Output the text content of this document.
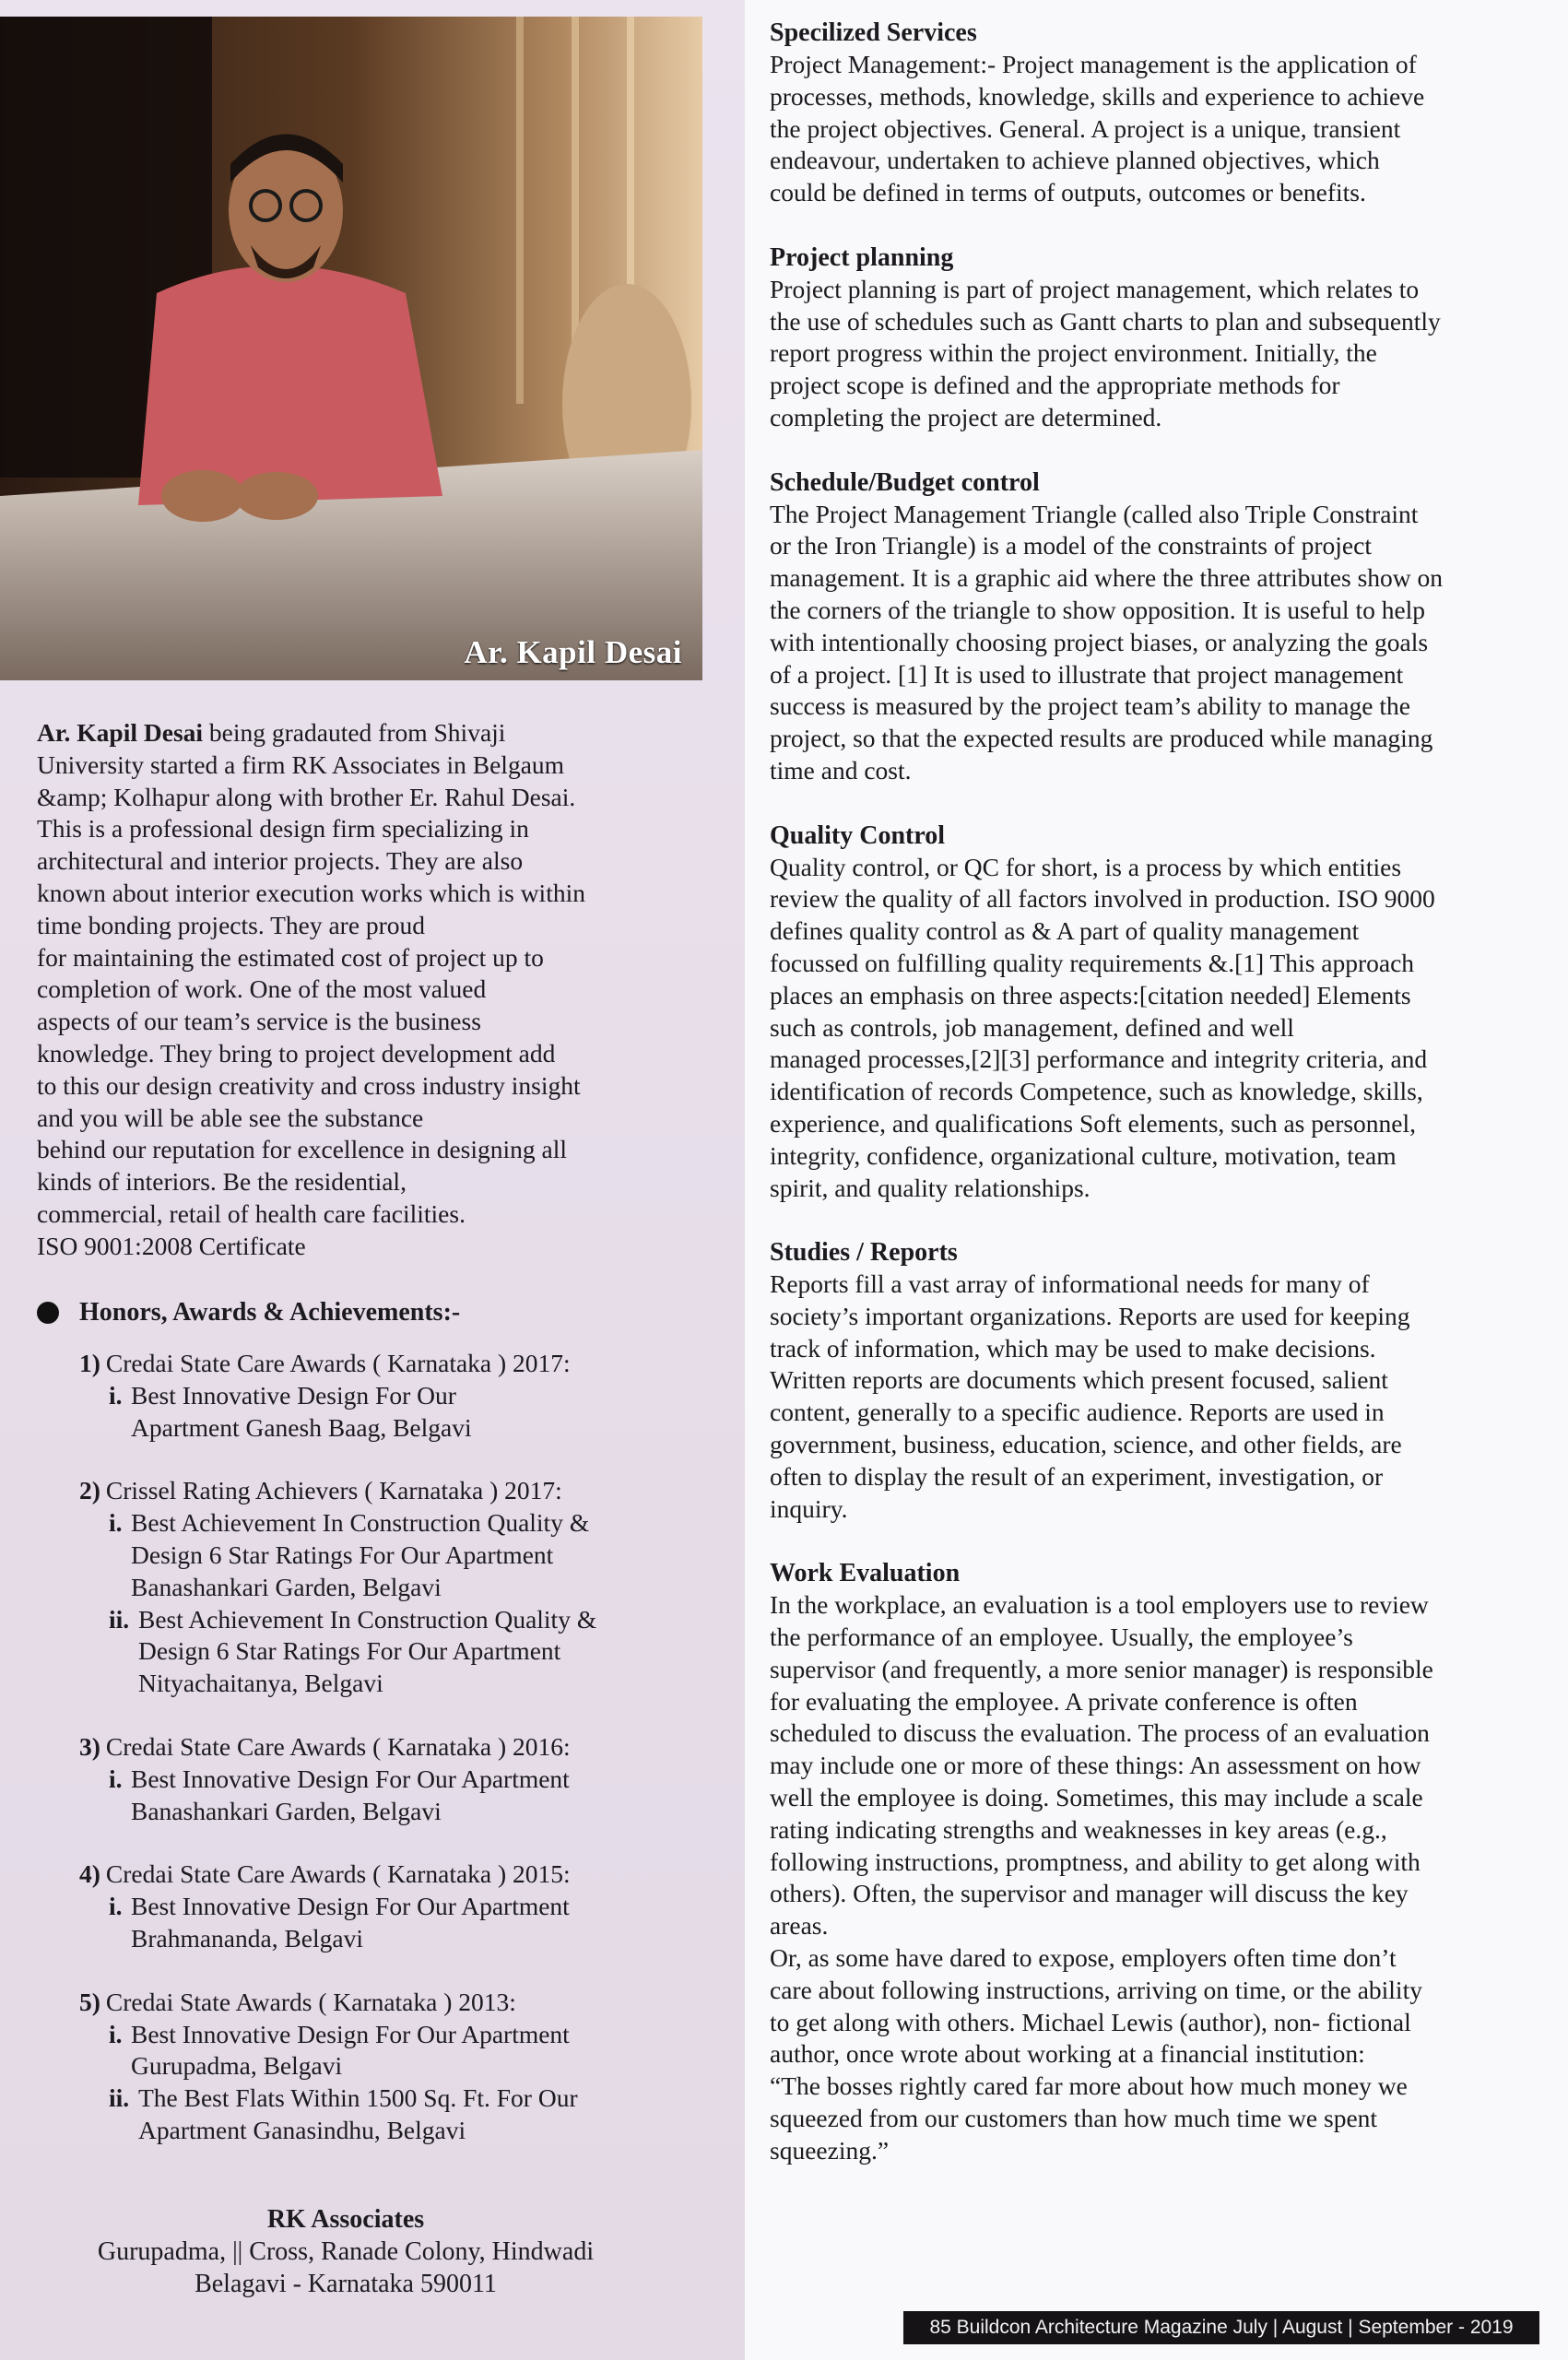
Ar. Kapil Desai

Ar. Kapil Desai being gradauted from Shivaji
University started a firm RK Associates in Belgaum
&amp; Kolhapur along with brother Er. Rahul Desai.
This is a professional design firm specializing in
architectural and interior projects. They are also
known about interior execution works which is within
time bonding projects. They are proud
for maintaining the estimated cost of project up to
completion of work. One of the most valued
aspects of our team’s service is the business
knowledge. They bring to project development add
to this our design creativity and cross industry insight
and you will be able see the substance
behind our reputation for excellence in designing all
kinds of interiors. Be the residential,
commercial, retail of health care facilities.
ISO 9001:2008 Certificate

Honors, Awards & Achievements:-
1) Credai State Care Awards ( Karnataka ) 2017:
i. Best Innovative Design For Our
Apartment Ganesh Baag, Belgavi
2) Crissel Rating Achievers ( Karnataka ) 2017:
i. Best Achievement In Construction Quality &
Design 6 Star Ratings For Our Apartment
Banashankari Garden, Belgavi
ii. Best Achievement In Construction Quality &
Design 6 Star Ratings For Our Apartment
Nityachaitanya, Belgavi
3) Credai State Care Awards ( Karnataka ) 2016:
i. Best Innovative Design For Our Apartment
Banashankari Garden, Belgavi
4) Credai State Care Awards ( Karnataka ) 2015:
i. Best Innovative Design For Our Apartment
Brahmananda, Belgavi
5) Credai State Awards ( Karnataka ) 2013:
i. Best Innovative Design For Our Apartment
Gurupadma, Belgavi
ii. The Best Flats Within 1500 Sq. Ft. For Our
Apartment Ganasindhu, Belgavi
RK Associates
Gurupadma, || Cross, Ranade Colony, Hindwadi
Belagavi - Karnataka 590011
Specilized Services
Project Management:- Project management is the application of
processes, methods, knowledge, skills and experience to achieve
the project objectives. General. A project is a unique, transient
endeavour, undertaken to achieve planned objectives, which
could be defined in terms of outputs, outcomes or benefits.
Project planning
Project planning is part of project management, which relates to
the use of schedules such as Gantt charts to plan and subsequently
report progress within the project environment. Initially, the
project scope is defined and the appropriate methods for
completing the project are determined.
Schedule/Budget control
The Project Management Triangle (called also Triple Constraint
or the Iron Triangle) is a model of the constraints of project
management. It is a graphic aid where the three attributes show on
the corners of the triangle to show opposition. It is useful to help
with intentionally choosing project biases, or analyzing the goals
of a project. [1] It is used to illustrate that project management
success is measured by the project team’s ability to manage the
project, so that the expected results are produced while managing
time and cost.
Quality Control
Quality control, or QC for short, is a process by which entities
review the quality of all factors involved in production. ISO 9000
defines quality control as & A part of quality management
focussed on fulfilling quality requirements &.[1] This approach
places an emphasis on three aspects:[citation needed] Elements
such as controls, job management, defined and well
managed processes,[2][3] performance and integrity criteria, and
identification of records Competence, such as knowledge, skills,
experience, and qualifications Soft elements, such as personnel,
integrity, confidence, organizational culture, motivation, team
spirit, and quality relationships.
Studies / Reports
Reports fill a vast array of informational needs for many of
society’s important organizations. Reports are used for keeping
track of information, which may be used to make decisions.
Written reports are documents which present focused, salient
content, generally to a specific audience. Reports are used in
government, business, education, science, and other fields, are
often to display the result of an experiment, investigation, or
inquiry.
Work Evaluation
In the workplace, an evaluation is a tool employers use to review
the performance of an employee. Usually, the employee’s
supervisor (and frequently, a more senior manager) is responsible
for evaluating the employee. A private conference is often
scheduled to discuss the evaluation. The process of an evaluation
may include one or more of these things: An assessment on how
well the employee is doing. Sometimes, this may include a scale
rating indicating strengths and weaknesses in key areas (e.g.,
following instructions, promptness, and ability to get along with
others). Often, the supervisor and manager will discuss the key
areas.
Or, as some have dared to expose, employers often time don’t
care about following instructions, arriving on time, or the ability
to get along with others. Michael Lewis (author), non- fictional
author, once wrote about working at a financial institution:
“The bosses rightly cared far more about how much money we
squeezed from our customers than how much time we spent
squeezing.”
85 Buildcon Architecture Magazine July | August | September - 2019
